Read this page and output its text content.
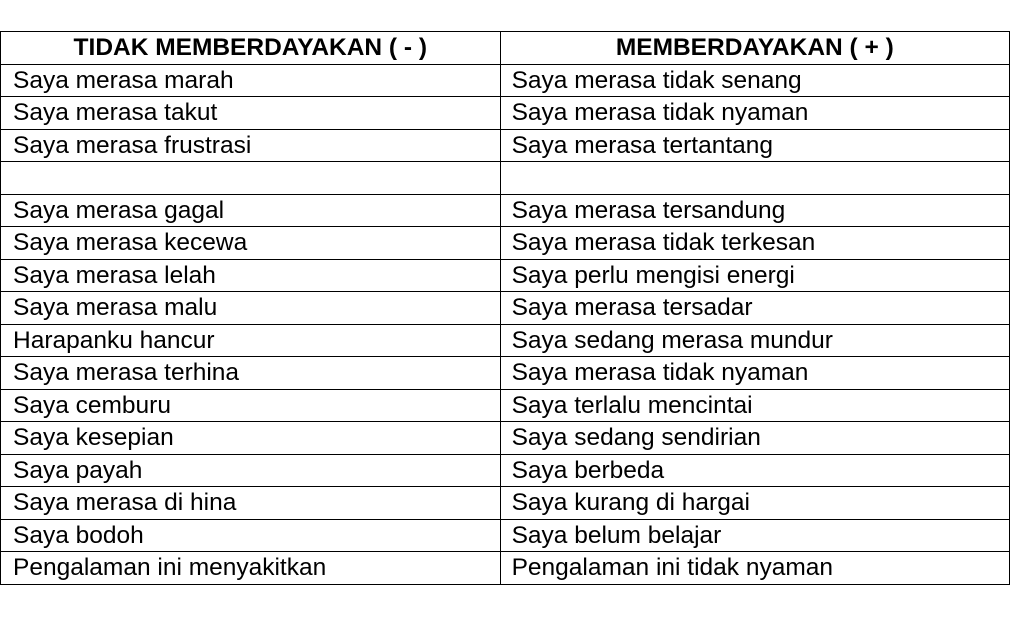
TIDAK MEMBERDAYAKAN ( - )	MEMBERDAYAKAN ( + )
Saya merasa marah	Saya merasa tidak senang
Saya merasa takut	Saya merasa tidak nyaman
Saya merasa frustrasi	Saya merasa tertantang

Saya merasa gagal	Saya merasa tersandung
Saya merasa kecewa	Saya merasa tidak terkesan
Saya merasa lelah	Saya perlu mengisi energi
Saya merasa malu	Saya merasa tersadar
Harapanku hancur	Saya sedang merasa mundur
Saya merasa terhina	Saya merasa tidak nyaman
Saya cemburu	Saya terlalu mencintai
Saya kesepian	Saya sedang sendirian
Saya payah	Saya berbeda
Saya merasa di hina	Saya kurang di hargai
Saya bodoh	Saya belum belajar
Pengalaman ini menyakitkan	Pengalaman ini tidak nyaman
